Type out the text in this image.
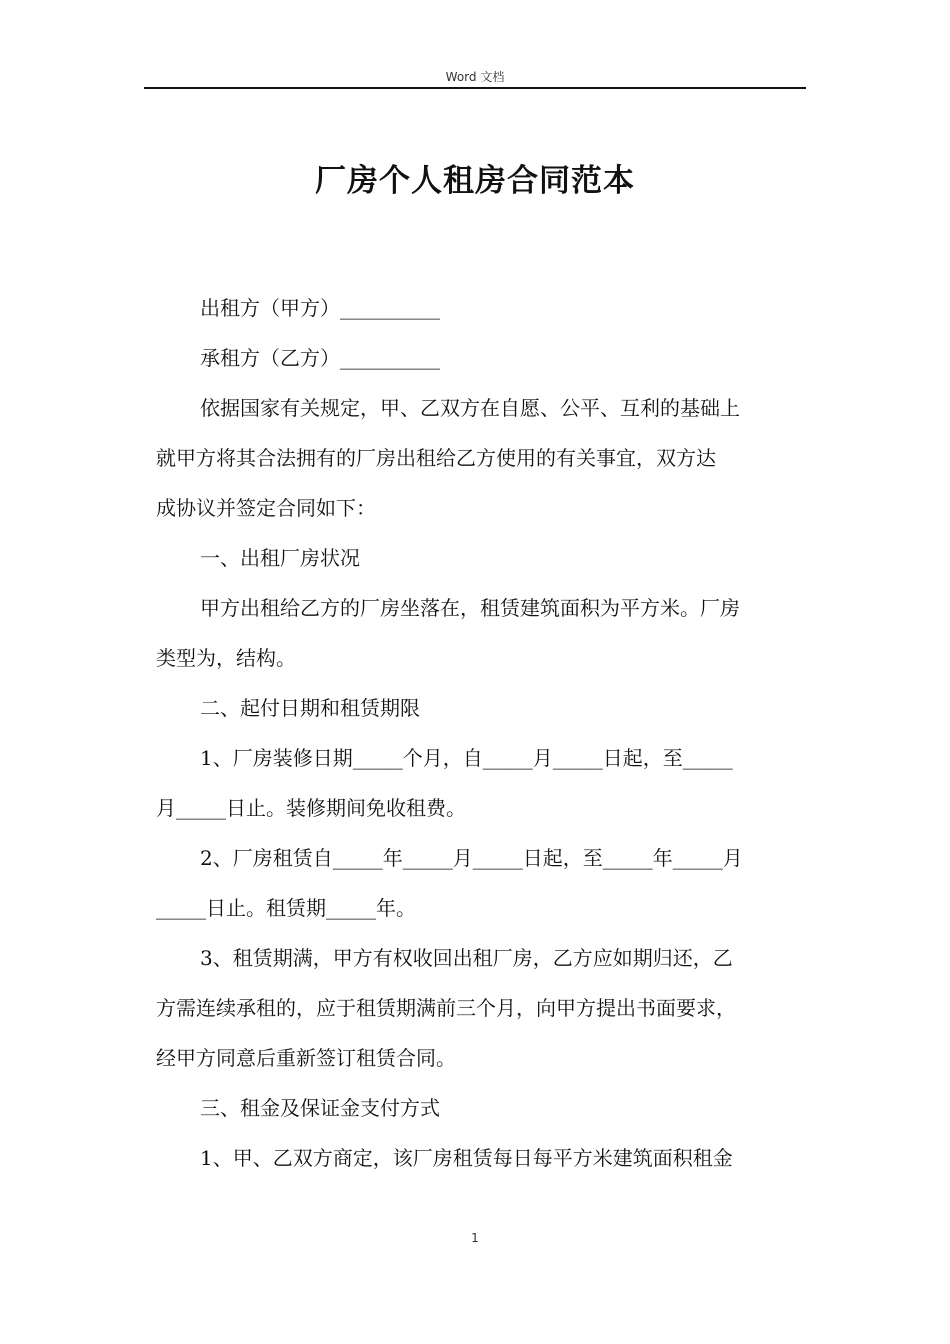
Word 文档
厂房个人租房合同范本
出租方（甲方）__________
承租方（乙方）__________
依据国家有关规定，甲、乙双方在自愿、公平、互利的基础上
就甲方将其合法拥有的厂房出租给乙方使用的有关事宜，双方达
成协议并签定合同如下：
一、出租厂房状况
甲方出租给乙方的厂房坐落在，租赁建筑面积为平方米。厂房
类型为，结构。
二、起付日期和租赁期限
1、厂房装修日期_____个月，自_____月_____日起，至_____
月_____日止。装修期间免收租费。
2、厂房租赁自_____年_____月_____日起，至_____年_____月
_____日止。租赁期_____年。
3、租赁期满，甲方有权收回出租厂房，乙方应如期归还，乙
方需连续承租的，应于租赁期满前三个月，向甲方提出书面要求，
经甲方同意后重新签订租赁合同。
三、租金及保证金支付方式
1、甲、乙双方商定，该厂房租赁每日每平方米建筑面积租金
1
